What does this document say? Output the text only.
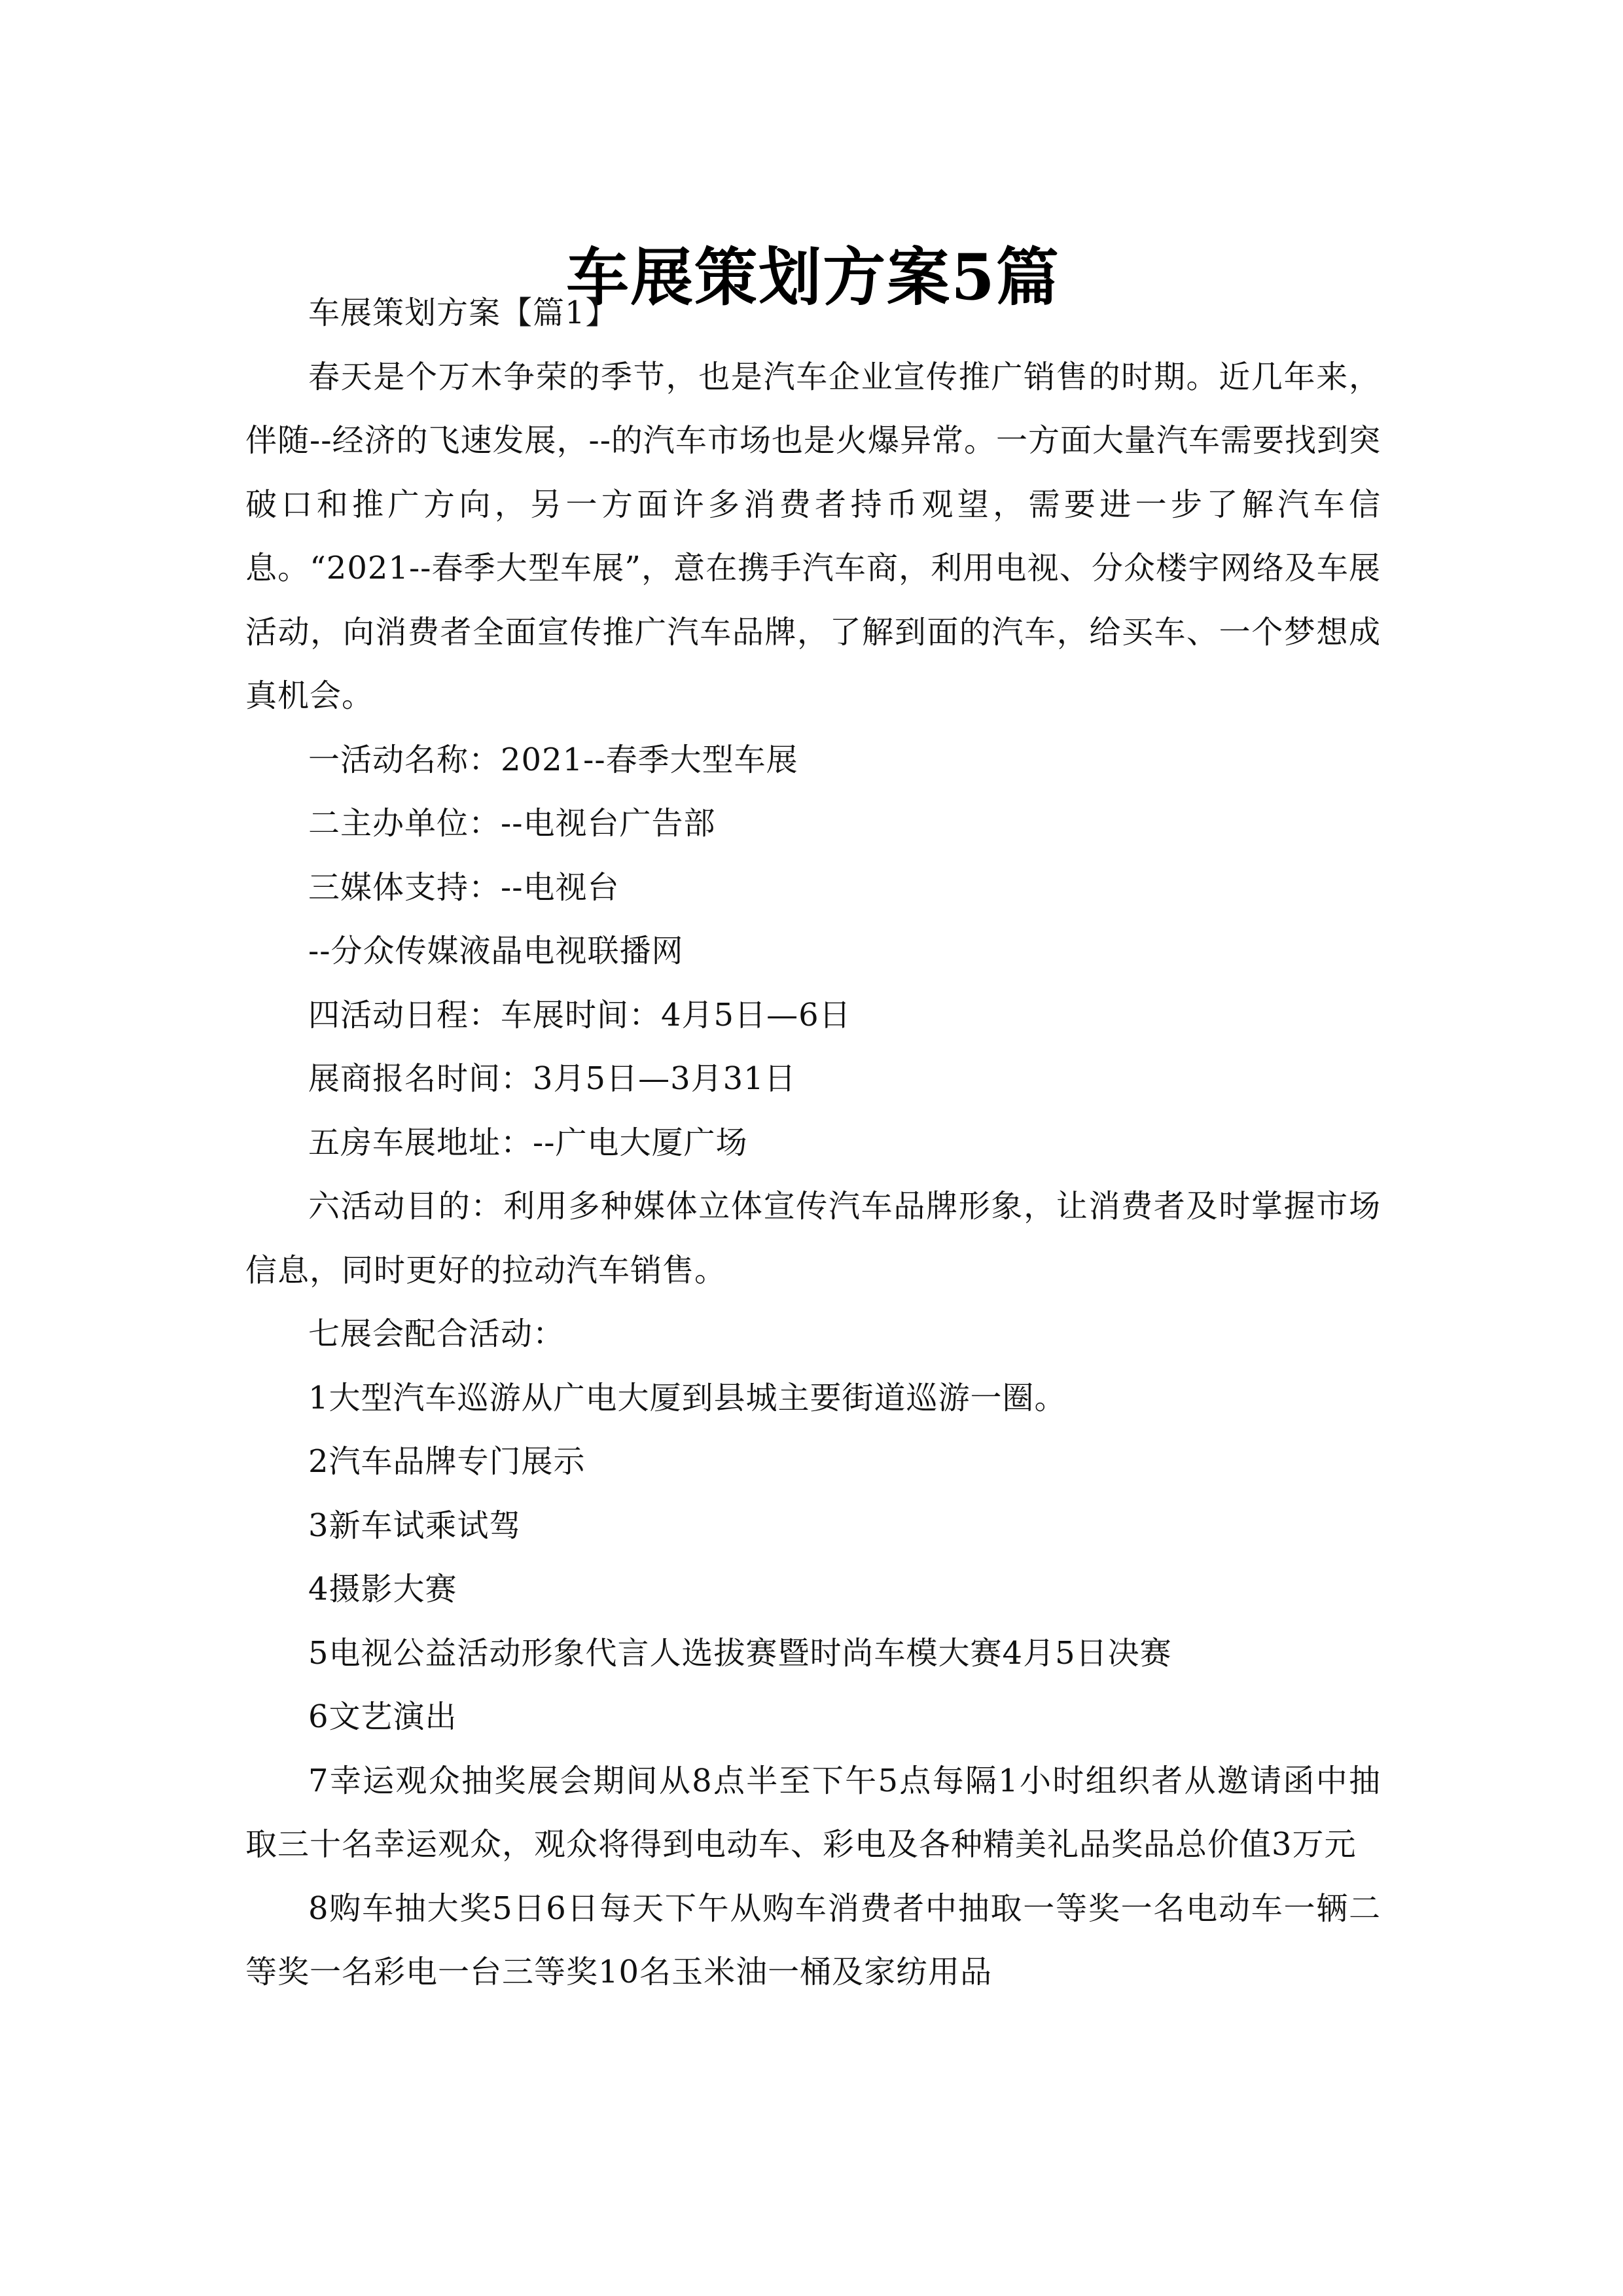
车展策划方案5篇

车展策划方案【篇1】

春天是个万木争荣的季节，也是汽车企业宣传推广销售的时期。近几年来，伴随--经济的飞速发展，--的汽车市场也是火爆异常。一方面大量汽车需要找到突破口和推广方向，另一方面许多消费者持币观望，需要进一步了解汽车信息。“2021--春季大型车展”，意在携手汽车商，利用电视、分众楼宇网络及车展活动，向消费者全面宣传推广汽车品牌，了解到面的汽车，给买车、一个梦想成真机会。

一活动名称：2021--春季大型车展

二主办单位：--电视台广告部

三媒体支持：--电视台

--分众传媒液晶电视联播网

四活动日程：车展时间：4月5日—6日

展商报名时间：3月5日—3月31日

五房车展地址：--广电大厦广场

六活动目的：利用多种媒体立体宣传汽车品牌形象，让消费者及时掌握市场信息，同时更好的拉动汽车销售。

七展会配合活动：

1大型汽车巡游从广电大厦到县城主要街道巡游一圈。

2汽车品牌专门展示

3新车试乘试驾

4摄影大赛

5电视公益活动形象代言人选拔赛暨时尚车模大赛4月5日决赛

6文艺演出

7幸运观众抽奖展会期间从8点半至下午5点每隔1小时组织者从邀请函中抽取三十名幸运观众，观众将得到电动车、彩电及各种精美礼品奖品总价值3万元

8购车抽大奖5日6日每天下午从购车消费者中抽取一等奖一名电动车一辆二等奖一名彩电一台三等奖10名玉米油一桶及家纺用品
